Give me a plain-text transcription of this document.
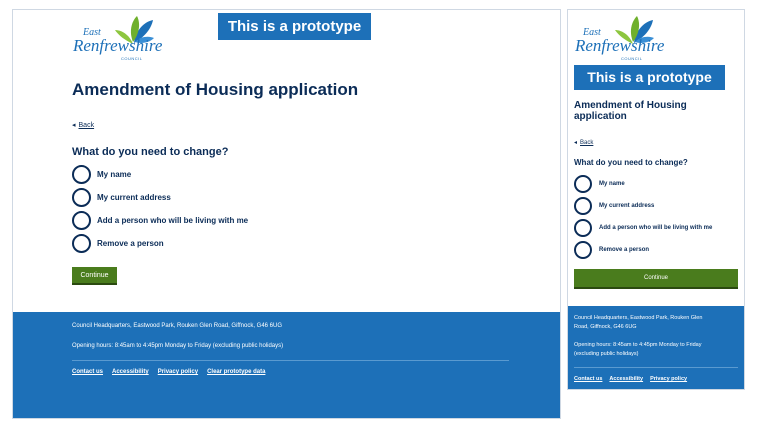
East
Renfrewshire
COUNCIL
This is a prototype
Amendment of Housing application
◂ Back
What do you need to change?
My name
My current address
Add a person who will be living with me
Remove a person
Continue
Council Headquarters, Eastwood Park, Rouken Glen Road, Giffnock, G46 6UG
Opening hours: 8:45am to 4:45pm Monday to Friday (excluding public holidays)
Contact us Accessibility Privacy policy Clear prototype data
East
Renfrewshire
COUNCIL
This is a prototype
Amendment of Housing application
◂ Back
What do you need to change?
My name
My current address
Add a person who will be living with me
Remove a person
Continue
Council Headquarters, Eastwood Park, Rouken Glen
Road, Giffnock, G46 6UG
Opening hours: 8:45am to 4:45pm Monday to Friday
(excluding public holidays)
Contact us Accessibility Privacy policy
